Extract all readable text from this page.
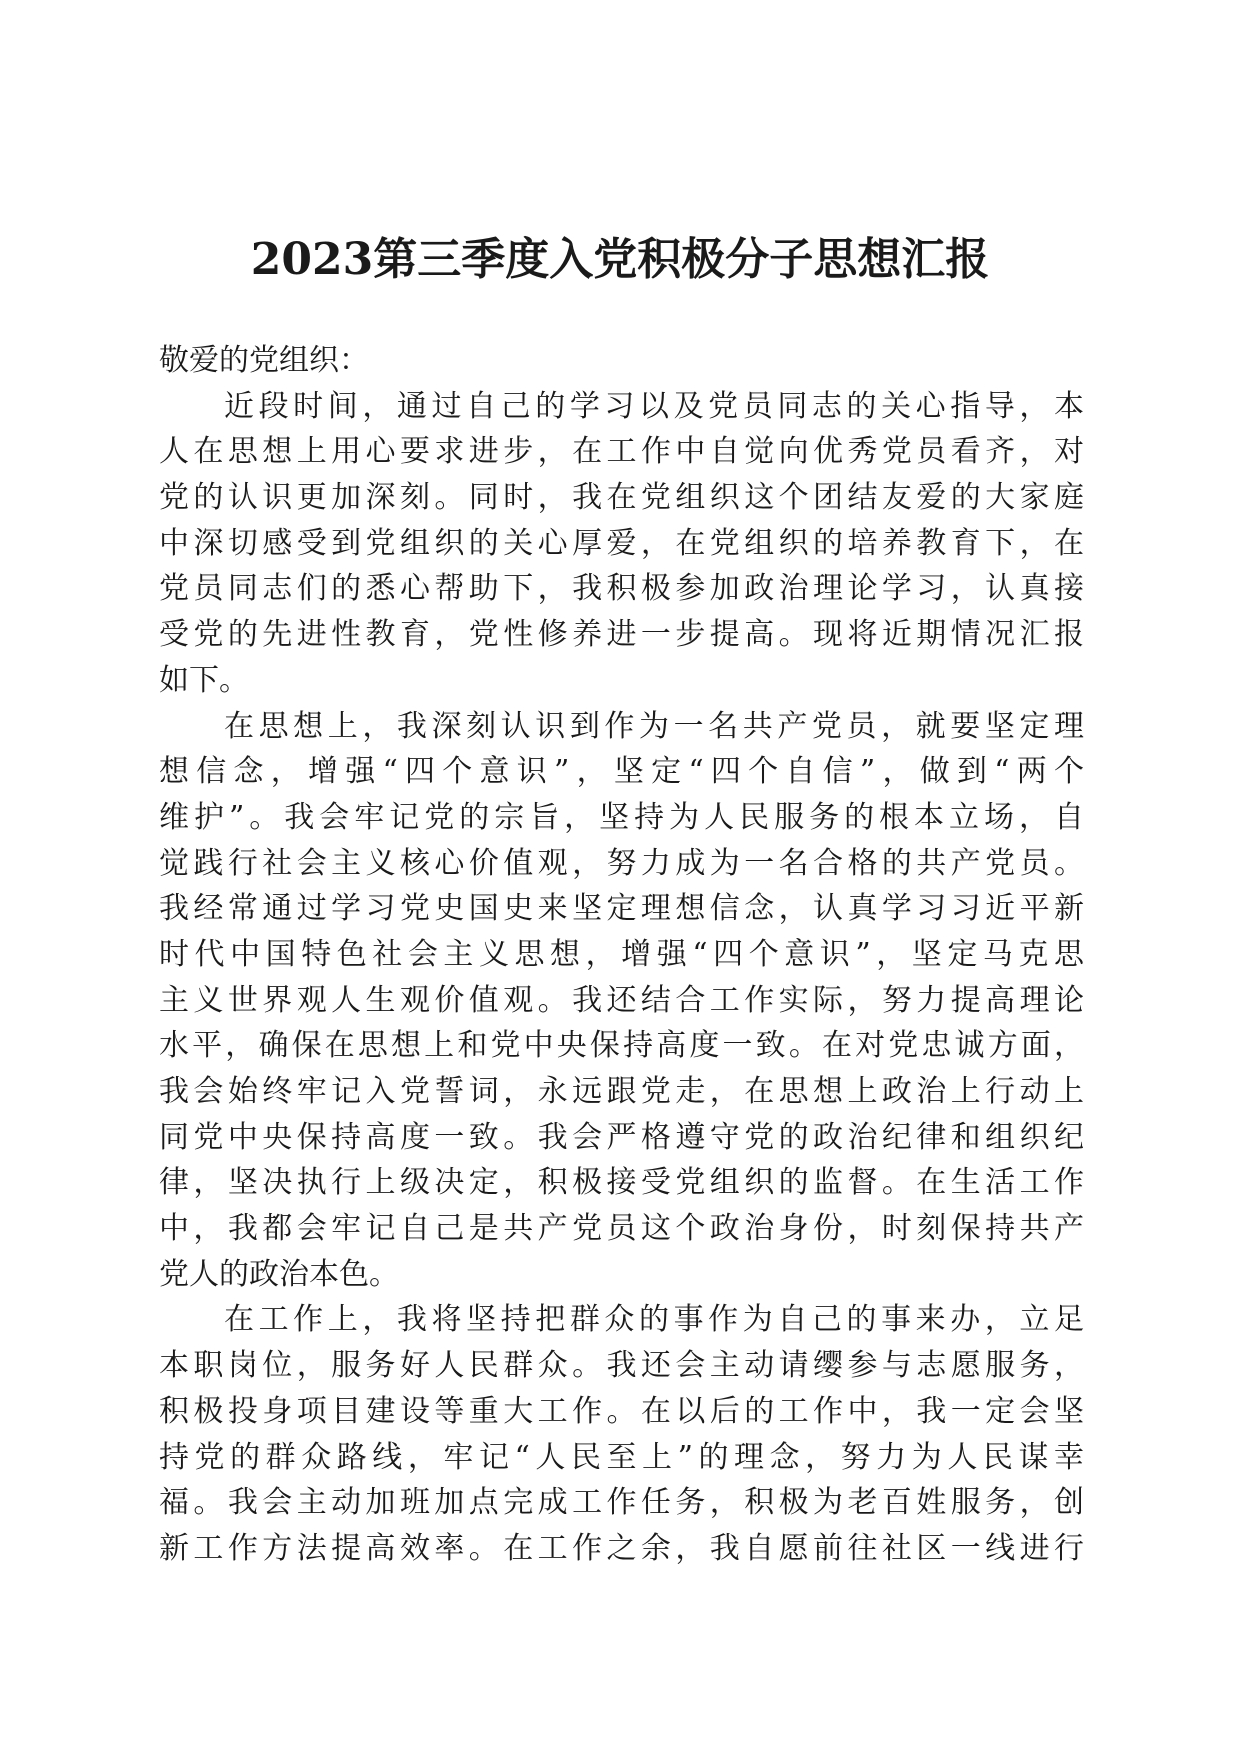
2023第三季度入党积极分子思想汇报
敬爱的党组织：
近段时间，通过自己的学习以及党员同志的关心指导，本
人在思想上用心要求进步，在工作中自觉向优秀党员看齐，对
党的认识更加深刻。同时，我在党组织这个团结友爱的大家庭
中深切感受到党组织的关心厚爱，在党组织的培养教育下，在
党员同志们的悉心帮助下，我积极参加政治理论学习，认真接
受党的先进性教育，党性修养进一步提高。现将近期情况汇报
如下。
在思想上，我深刻认识到作为一名共产党员，就要坚定理
想信念，增强“四个意识”，坚定“四个自信”，做到“两个
维护”。我会牢记党的宗旨，坚持为人民服务的根本立场，自
觉践行社会主义核心价值观，努力成为一名合格的共产党员。
我经常通过学习党史国史来坚定理想信念，认真学习习近平新
时代中国特色社会主义思想，增强“四个意识”，坚定马克思
主义世界观人生观价值观。我还结合工作实际，努力提高理论
水平，确保在思想上和党中央保持高度一致。在对党忠诚方面，
我会始终牢记入党誓词，永远跟党走，在思想上政治上行动上
同党中央保持高度一致。我会严格遵守党的政治纪律和组织纪
律，坚决执行上级决定，积极接受党组织的监督。在生活工作
中，我都会牢记自己是共产党员这个政治身份，时刻保持共产
党人的政治本色。
在工作上，我将坚持把群众的事作为自己的事来办，立足
本职岗位，服务好人民群众。我还会主动请缨参与志愿服务，
积极投身项目建设等重大工作。在以后的工作中，我一定会坚
持党的群众路线，牢记“人民至上”的理念，努力为人民谋幸
福。我会主动加班加点完成工作任务，积极为老百姓服务，创
新工作方法提高效率。在工作之余，我自愿前往社区一线进行
